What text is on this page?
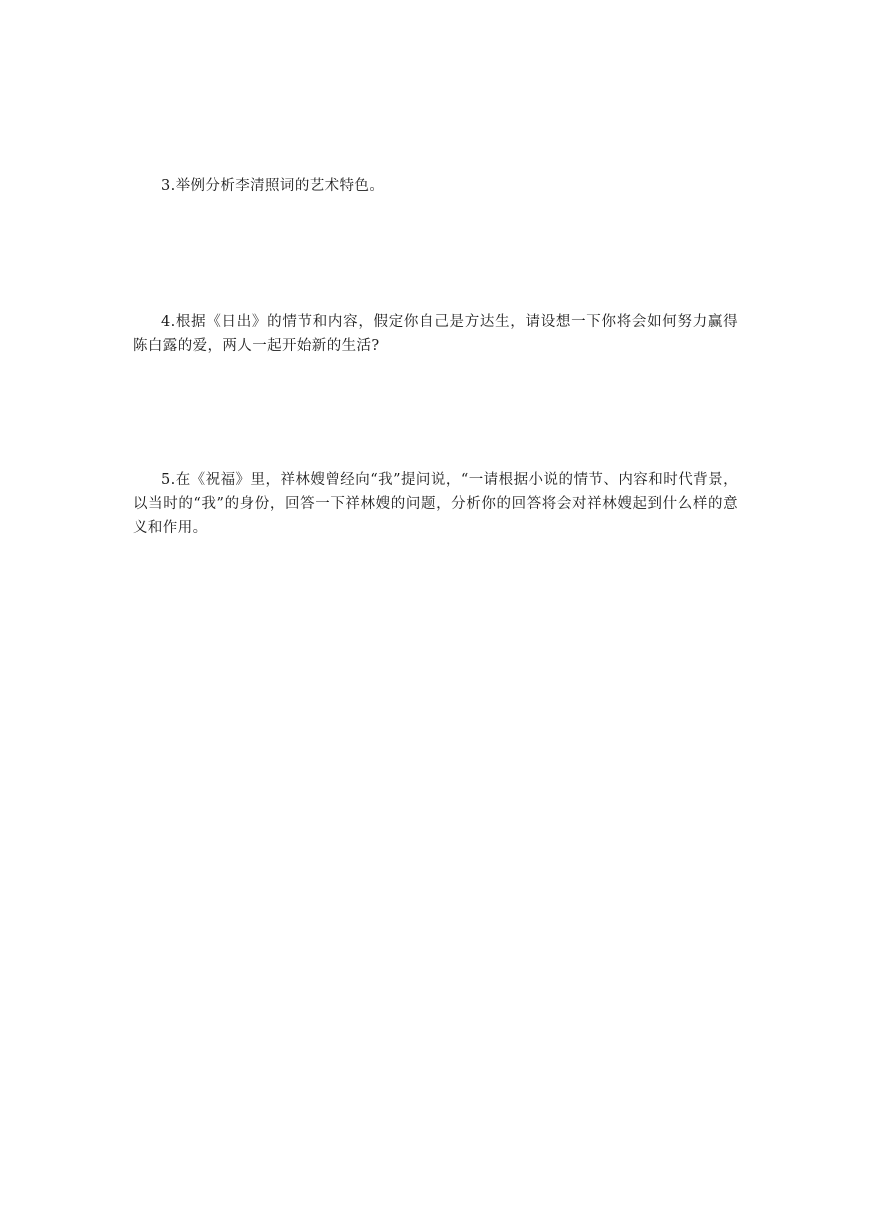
3.举例分析李清照词的艺术特色。

4.根据《日出》的情节和内容，假定你自己是方达生，请设想一下你将会如何努力赢得陈白露的爱，两人一起开始新的生活?

5.在《祝福》里，祥林嫂曾经向“我”提问说，“一请根据小说的情节、内容和时代背景，以当时的“我”的身份，回答一下祥林嫂的问题，分析你的回答将会对祥林嫂起到什么样的意义和作用。
